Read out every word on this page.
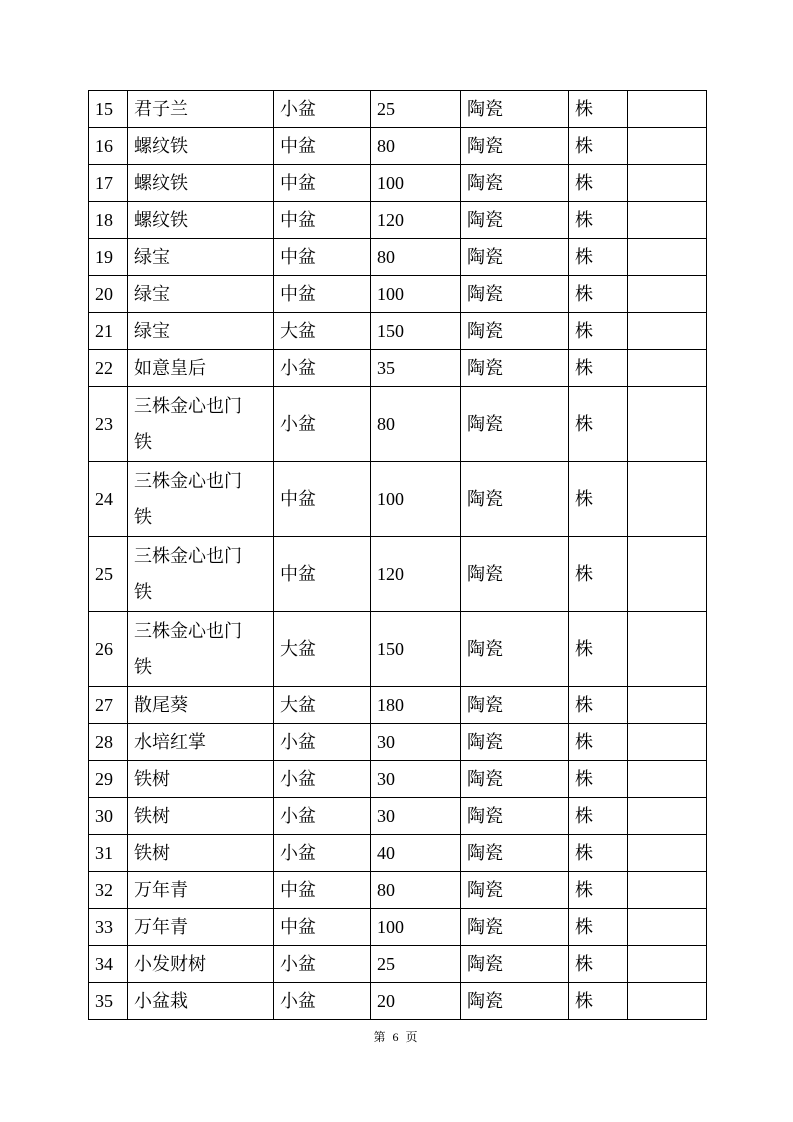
15	君子兰	小盆	25	陶瓷	株	
16	螺纹铁	中盆	80	陶瓷	株	
17	螺纹铁	中盆	100	陶瓷	株	
18	螺纹铁	中盆	120	陶瓷	株	
19	绿宝	中盆	80	陶瓷	株	
20	绿宝	中盆	100	陶瓷	株	
21	绿宝	大盆	150	陶瓷	株	
22	如意皇后	小盆	35	陶瓷	株	
23	三株金心也门铁	小盆	80	陶瓷	株	
24	三株金心也门铁	中盆	100	陶瓷	株	
25	三株金心也门铁	中盆	120	陶瓷	株	
26	三株金心也门铁	大盆	150	陶瓷	株	
27	散尾葵	大盆	180	陶瓷	株	
28	水培红掌	小盆	30	陶瓷	株	
29	铁树	小盆	30	陶瓷	株	
30	铁树	小盆	30	陶瓷	株	
31	铁树	小盆	40	陶瓷	株	
32	万年青	中盆	80	陶瓷	株	
33	万年青	中盆	100	陶瓷	株	
34	小发财树	小盆	25	陶瓷	株	
35	小盆栽	小盆	20	陶瓷	株	
第 6 页
